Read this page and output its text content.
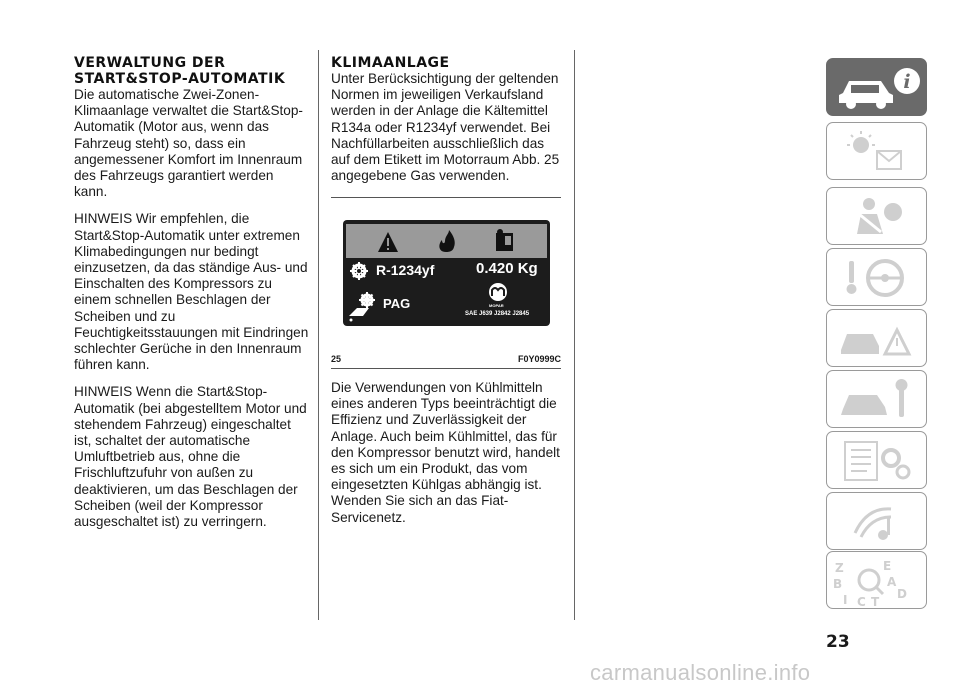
VERWALTUNG DER START&STOP-AUTOMATIK

Die automatische Zwei-Zonen-Klimaanlage verwaltet die Start&Stop-Automatik (Motor aus, wenn das Fahrzeug steht) so, dass ein angemessener Komfort im Innenraum des Fahrzeugs garantiert werden kann.

HINWEIS Wir empfehlen, die Start&Stop-Automatik unter extremen Klimabedingungen nur bedingt einzusetzen, da das ständige Aus- und Einschalten des Kompressors zu einem schnellen Beschlagen der Scheiben und zu Feuchtigkeitsstauungen mit Eindringen schlechter Gerüche in den Innenraum führen kann.

HINWEIS Wenn die Start&Stop-Automatik (bei abgestelltem Motor und stehendem Fahrzeug) eingeschaltet ist, schaltet der automatische Umluftbetrieb aus, ohne die Frischluftzufuhr von außen zu deaktivieren, um das Beschlagen der Scheiben (weil der Kompressor ausgeschaltet ist) zu verringern.

KLIMAANLAGE

Unter Berücksichtigung der geltenden Normen im jeweiligen Verkaufsland werden in der Anlage die Kältemittel R134a oder R1234yf verwendet. Bei Nachfüllarbeiten ausschließlich das auf dem Etikett im Motorraum Abb. 25 angegebene Gas verwenden.

R-1234yf	0.420 Kg
PAG	MOPAR
SAE J639 J2842 J2845
25	F0Y0999C

Die Verwendungen von Kühlmitteln eines anderen Typs beeinträchtigt die Effizienz und Zuverlässigkeit der Anlage. Auch beim Kühlmittel, das für den Kompressor benutzt wird, handelt es sich um ein Produkt, das vom eingesetzten Kühlgas abhängig ist. Wenden Sie sich an das Fiat-Servicenetz.

i
Z	E
B	A
I C T
D
23
carmanualsonline.info
